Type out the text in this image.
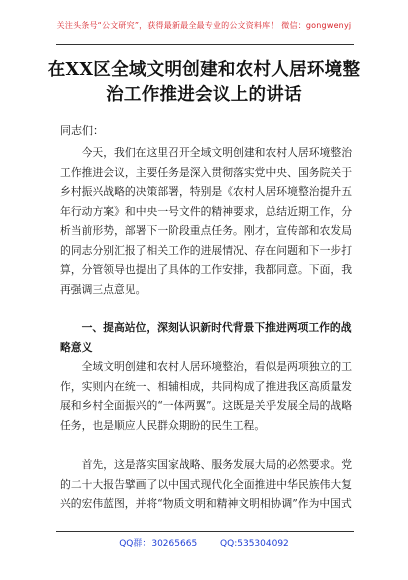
关注头条号“公文研究”，获得最新最全最专业的公文资料库！ 微信：gongwenyj
在XX区全域文明创建和农村人居环境整治工作推进会议上的讲话
同志们：

今天，我们在这里召开全域文明创建和农村人居环境整治工作推进会议，主要任务是深入贯彻落实党中央、国务院关于乡村振兴战略的决策部署，特别是《农村人居环境整治提升五年行动方案》和中央一号文件的精神要求，总结近期工作，分析当前形势，部署下一阶段重点任务。刚才，宣传部和农发局的同志分别汇报了相关工作的进展情况、存在问题和下一步打算，分管领导也提出了具体的工作安排，我都同意。下面，我再强调三点意见。

一、提高站位，深刻认识新时代背景下推进两项工作的战略意义

全域文明创建和农村人居环境整治，看似是两项独立的工作，实则内在统一、相辅相成，共同构成了推进我区高质量发展和乡村全面振兴的“一体两翼”。这既是关乎发展全局的战略任务，也是顺应人民群众期盼的民生工程。

首先，这是落实国家战略、服务发展大局的必然要求。党的二十大报告擘画了以中国式现代化全面推进中华民族伟大复兴的宏伟蓝图，并将“物质文明和精神文明相协调”作为中国式

QQ群：30265665	QQ:535304092
